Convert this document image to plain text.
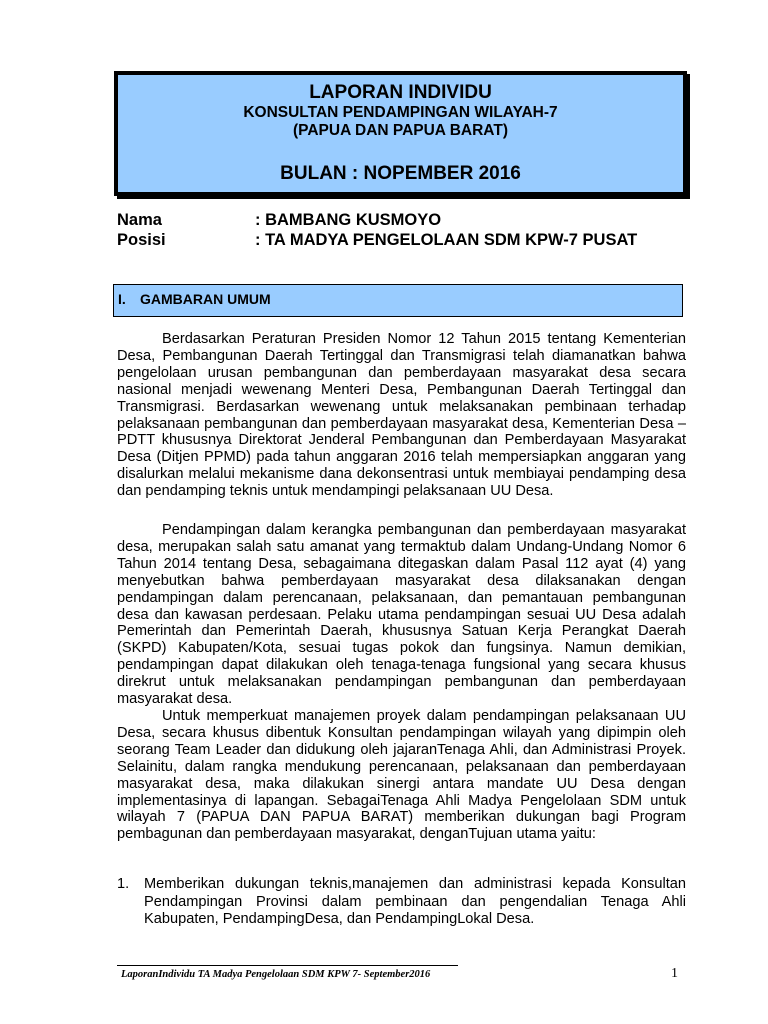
LAPORAN INDIVIDU
KONSULTAN PENDAMPINGAN WILAYAH-7
(PAPUA DAN PAPUA BARAT)
BULAN : NOPEMBER 2016
Nama	: BAMBANG KUSMOYO
Posisi	: TA MADYA PENGELOLAAN SDM KPW-7 PUSAT
I. GAMBARAN UMUM
Berdasarkan Peraturan Presiden Nomor 12 Tahun 2015 tentang Kementerian Desa, Pembangunan Daerah Tertinggal dan Transmigrasi telah diamanatkan bahwa pengelolaan urusan pembangunan dan pemberdayaan masyarakat desa secara nasional menjadi wewenang Menteri Desa, Pembangunan Daerah Tertinggal dan Transmigrasi. Berdasarkan wewenang untuk melaksanakan pembinaan terhadap pelaksanaan pembangunan dan pemberdayaan masyarakat desa, Kementerian Desa – PDTT khususnya Direktorat Jenderal Pembangunan dan Pemberdayaan Masyarakat Desa (Ditjen PPMD) pada tahun anggaran 2016 telah mempersiapkan anggaran yang disalurkan melalui mekanisme dana dekonsentrasi untuk membiayai pendamping desa dan pendamping teknis untuk mendampingi pelaksanaan UU Desa.
Pendampingan dalam kerangka pembangunan dan pemberdayaan masyarakat desa, merupakan salah satu amanat yang termaktub dalam Undang-Undang Nomor 6 Tahun 2014 tentang Desa, sebagaimana ditegaskan dalam Pasal 112 ayat (4) yang menyebutkan bahwa pemberdayaan masyarakat desa dilaksanakan dengan pendampingan dalam perencanaan, pelaksanaan, dan pemantauan pembangunan desa dan kawasan perdesaan. Pelaku utama pendampingan sesuai UU Desa adalah Pemerintah dan Pemerintah Daerah, khususnya Satuan Kerja Perangkat Daerah (SKPD) Kabupaten/Kota, sesuai tugas pokok dan fungsinya. Namun demikian, pendampingan dapat dilakukan oleh tenaga-tenaga fungsional yang secara khusus direkrut untuk melaksanakan pendampingan pembangunan dan pemberdayaan masyarakat desa.
Untuk memperkuat manajemen proyek dalam pendampingan pelaksanaan UU Desa, secara khusus dibentuk Konsultan pendampingan wilayah yang dipimpin oleh seorang Team Leader dan didukung oleh jajaranTenaga Ahli, dan Administrasi Proyek. Selainitu, dalam rangka mendukung perencanaan, pelaksanaan dan pemberdayaan masyarakat desa, maka dilakukan sinergi antara mandate UU Desa dengan implementasinya di lapangan. SebagaiTenaga Ahli Madya Pengelolaan SDM untuk wilayah 7 (PAPUA DAN PAPUA BARAT) memberikan dukungan bagi Program pembagunan dan pemberdayaan masyarakat, denganTujuan utama yaitu:
1. Memberikan dukungan teknis,manajemen dan administrasi kepada Konsultan Pendampingan Provinsi dalam pembinaan dan pengendalian Tenaga Ahli Kabupaten, PendampingDesa, dan PendampingLokal Desa.
LaporanIndividu TA Madya Pengelolaan SDM KPW 7- September2016	1
